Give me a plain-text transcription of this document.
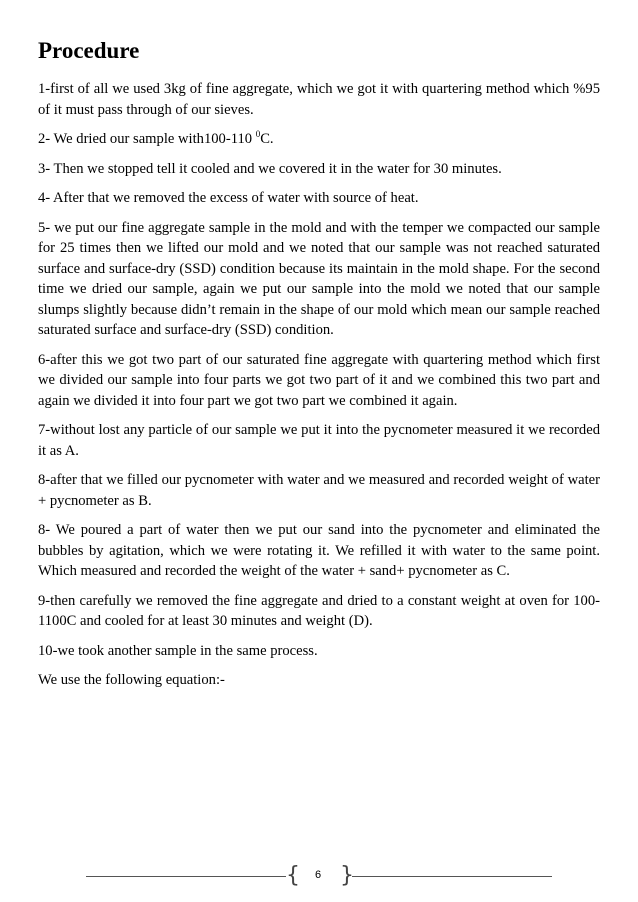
Procedure

1-first of all we used 3kg of fine aggregate, which we got it with quartering method which %95 of it must pass through of our sieves.

2- We dried our sample with100-110 $^0$C.

3- Then we stopped tell it cooled and we covered it in the water for 30 minutes.

4- After that we removed the excess of water with source of heat.

5- we put our fine aggregate sample in the mold and with the temper we compacted our sample for 25 times then we lifted our mold and we noted that our sample was not reached saturated surface and surface-dry (SSD) condition because its maintain in the mold shape. For the second time we dried our sample, again we put our sample into the mold we noted that our sample slumps slightly because didn’t remain in the shape of our mold which mean our sample reached saturated surface and surface-dry (SSD) condition.

6-after this we got two part of our saturated fine aggregate with quartering method which first we divided our sample into four parts we got two part of it and we combined this two part and again we divided it into four part we got two part we combined it again.

7-without lost any particle of our sample we put it into the pycnometer measured it we recorded it as A.

8-after that we filled our pycnometer with water and we measured and recorded weight of water + pycnometer as B.

8- We poured a part of water then we put our sand into the pycnometer and eliminated the bubbles by agitation, which we were rotating it. We refilled it with water to the same point. Which measured and recorded the weight of the water + sand+ pycnometer as C.

9-then carefully we removed the fine aggregate and dried to a constant weight at oven for 100-1100C and cooled for at least 30 minutes and weight (D).

10-we took another sample in the same process.

We use the following equation:-

{	6 }
